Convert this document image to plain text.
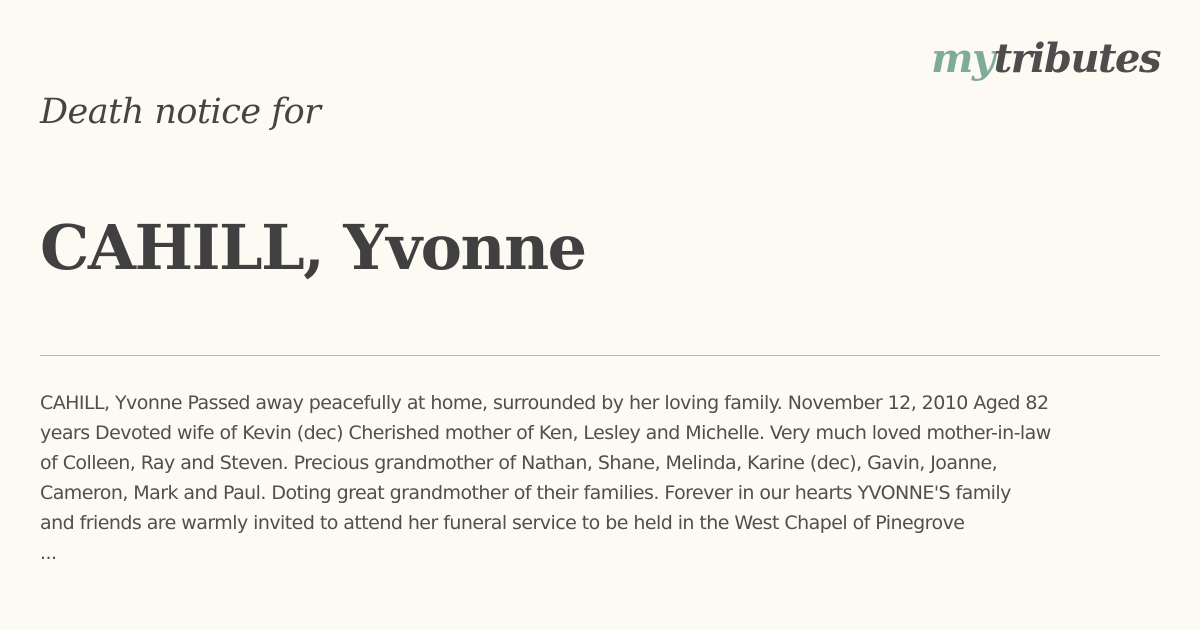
mytributes
Death notice for
CAHILL, Yvonne
CAHILL, Yvonne Passed away peacefully at home, surrounded by her loving family. November 12, 2010 Aged 82
years Devoted wife of Kevin (dec) Cherished mother of Ken, Lesley and Michelle. Very much loved mother-in-law
of Colleen, Ray and Steven. Precious grandmother of Nathan, Shane, Melinda, Karine (dec), Gavin, Joanne,
Cameron, Mark and Paul. Doting great grandmother of their families. Forever in our hearts YVONNE'S family
and friends are warmly invited to attend her funeral service to be held in the West Chapel of Pinegrove
...
